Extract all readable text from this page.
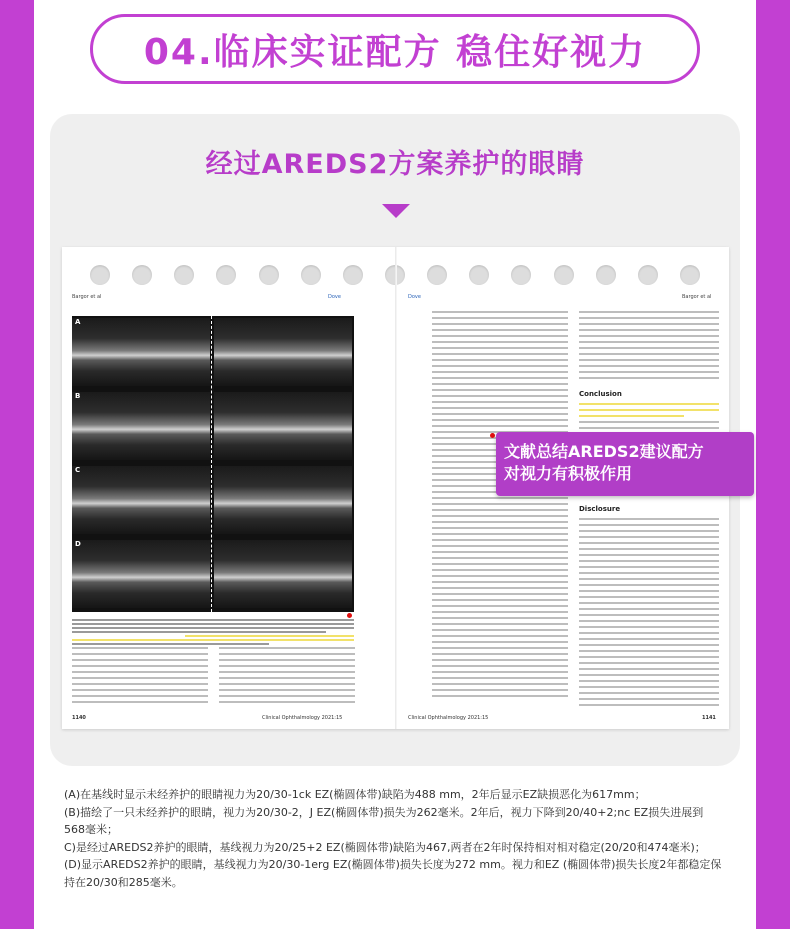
04.临床实证配方 稳住好视力
经过AREDS2方案养护的眼睛
Bargor et al	Dove	Dove	Bargor et al
A
B
C
D
Conclusion
Disclosure
1140	Clinical Ophthalmology 2021:15	Clinical Ophthalmology 2021:15	1141

(A)在基线时显示未经养护的眼睛视力为20/30-1ck EZ(椭圆体带)缺陷为488 mm，2年后显示EZ缺损恶化为617mm；

(B)描绘了一只未经养护的眼睛，视力为20/30-2，J EZ(椭圆体带)损失为262毫米。2年后，视力下降到20/40+2;nc EZ损失进展到568毫米；

C)是经过AREDS2养护的眼睛，基线视力为20/25+2 EZ(椭圆体带)缺陷为467,两者在2年时保持相对相对稳定(20/20和474毫米)；

(D)显示AREDS2养护的眼睛，基线视力为20/30-1erg EZ(椭圆体带)损失长度为272 mm。视力和EZ (椭圆体带)损失长度2年都稳定保持在20/30和285毫米。

文献总结AREDS2建议配方
对视力有积极作用
